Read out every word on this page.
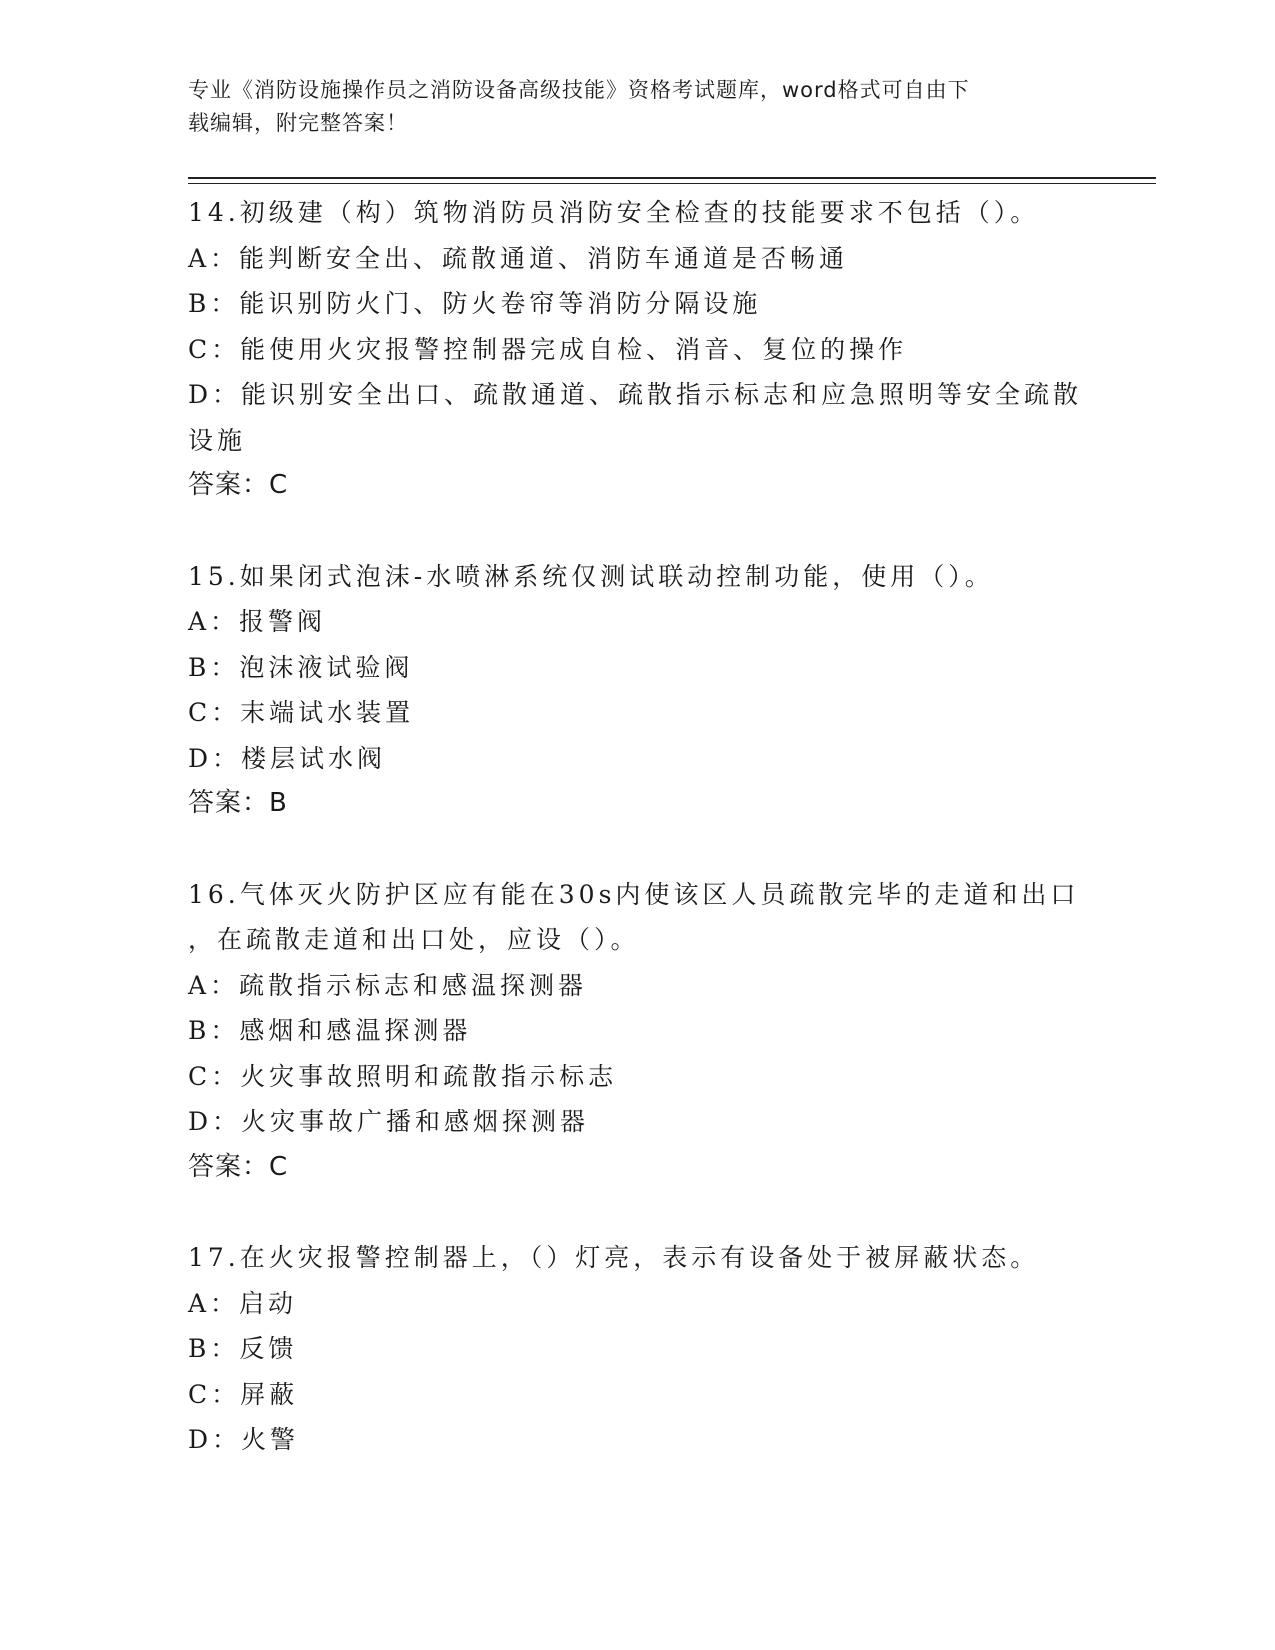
专业《消防设施操作员之消防设备高级技能》资格考试题库，word格式可自由下
载编辑，附完整答案！
14.初级建（构）筑物消防员消防安全检查的技能要求不包括（）。
A：能判断安全出、疏散通道、消防车通道是否畅通
B：能识别防火门、防火卷帘等消防分隔设施
C：能使用火灾报警控制器完成自检、消音、复位的操作
D：能识别安全出口、疏散通道、疏散指示标志和应急照明等安全疏散
设施
答案：C
15.如果闭式泡沫-水喷淋系统仅测试联动控制功能，使用（）。
A：报警阀
B：泡沫液试验阀
C：末端试水装置
D：楼层试水阀
答案：B
16.气体灭火防护区应有能在30s内使该区人员疏散完毕的走道和出口
，在疏散走道和出口处，应设（）。
A：疏散指示标志和感温探测器
B：感烟和感温探测器
C：火灾事故照明和疏散指示标志
D：火灾事故广播和感烟探测器
答案：C
17.在火灾报警控制器上，（）灯亮，表示有设备处于被屏蔽状态。
A：启动
B：反馈
C：屏蔽
D：火警
